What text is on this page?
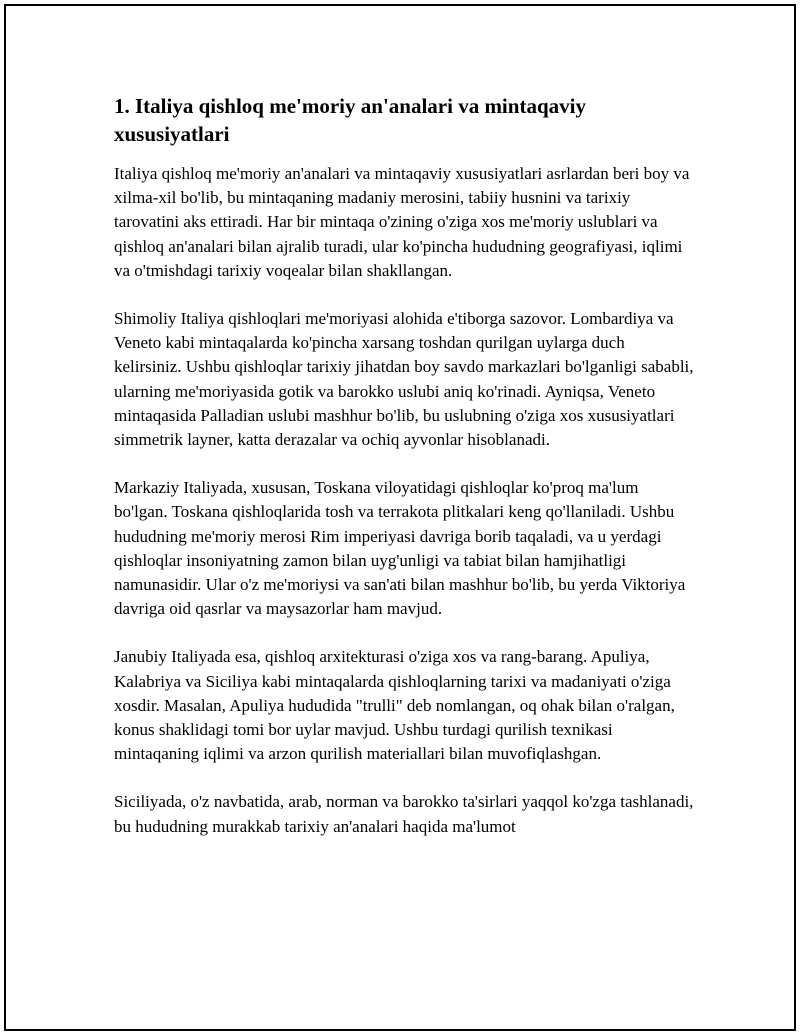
1. Italiya qishloq me'moriy an'analari va mintaqaviy xususiyatlari

Italiya qishloq me'moriy an'analari va mintaqaviy xususiyatlari asrlardan beri boy va xilma-xil bo'lib, bu mintaqaning madaniy merosini, tabiiy husnini va tarixiy tarovatini aks ettiradi. Har bir mintaqa o'zining o'ziga xos me'moriy uslublari va qishloq an'analari bilan ajralib turadi, ular ko'pincha hududning geografiyasi, iqlimi va o'tmishdagi tarixiy voqealar bilan shakllangan.

Shimoliy Italiya qishloqlari me'moriyasi alohida e'tiborga sazovor. Lombardiya va Veneto kabi mintaqalarda ko'pincha xarsang toshdan qurilgan uylarga duch kelirsiniz. Ushbu qishloqlar tarixiy jihatdan boy savdo markazlari bo'lganligi sababli, ularning me'moriyasida gotik va barokko uslubi aniq ko'rinadi. Ayniqsa, Veneto mintaqasida Palladian uslubi mashhur bo'lib, bu uslubning o'ziga xos xususiyatlari simmetrik layner, katta derazalar va ochiq ayvonlar hisoblanadi.

Markaziy Italiyada, xususan, Toskana viloyatidagi qishloqlar ko'proq ma'lum bo'lgan. Toskana qishloqlarida tosh va terrakota plitkalari keng qo'llaniladi. Ushbu hududning me'moriy merosi Rim imperiyasi davriga borib taqaladi, va u yerdagi qishloqlar insoniyatning zamon bilan uyg'unligi va tabiat bilan hamjihatligi namunasidir. Ular o'z me'moriysi va san'ati bilan mashhur bo'lib, bu yerda Viktoriya davriga oid qasrlar va maysazorlar ham mavjud.

Janubiy Italiyada esa, qishloq arxitekturasi o'ziga xos va rang-barang. Apuliya, Kalabriya va Siciliya kabi mintaqalarda qishloqlarning tarixi va madaniyati o'ziga xosdir. Masalan, Apuliya hududida "trulli" deb nomlangan, oq ohak bilan o'ralgan, konus shaklidagi tomi bor uylar mavjud. Ushbu turdagi qurilish texnikasi mintaqaning iqlimi va arzon qurilish materiallari bilan muvofiqlashgan.

Siciliyada, o'z navbatida, arab, norman va barokko ta'sirlari yaqqol ko'zga tashlanadi, bu hududning murakkab tarixiy an'analari haqida ma'lumot
